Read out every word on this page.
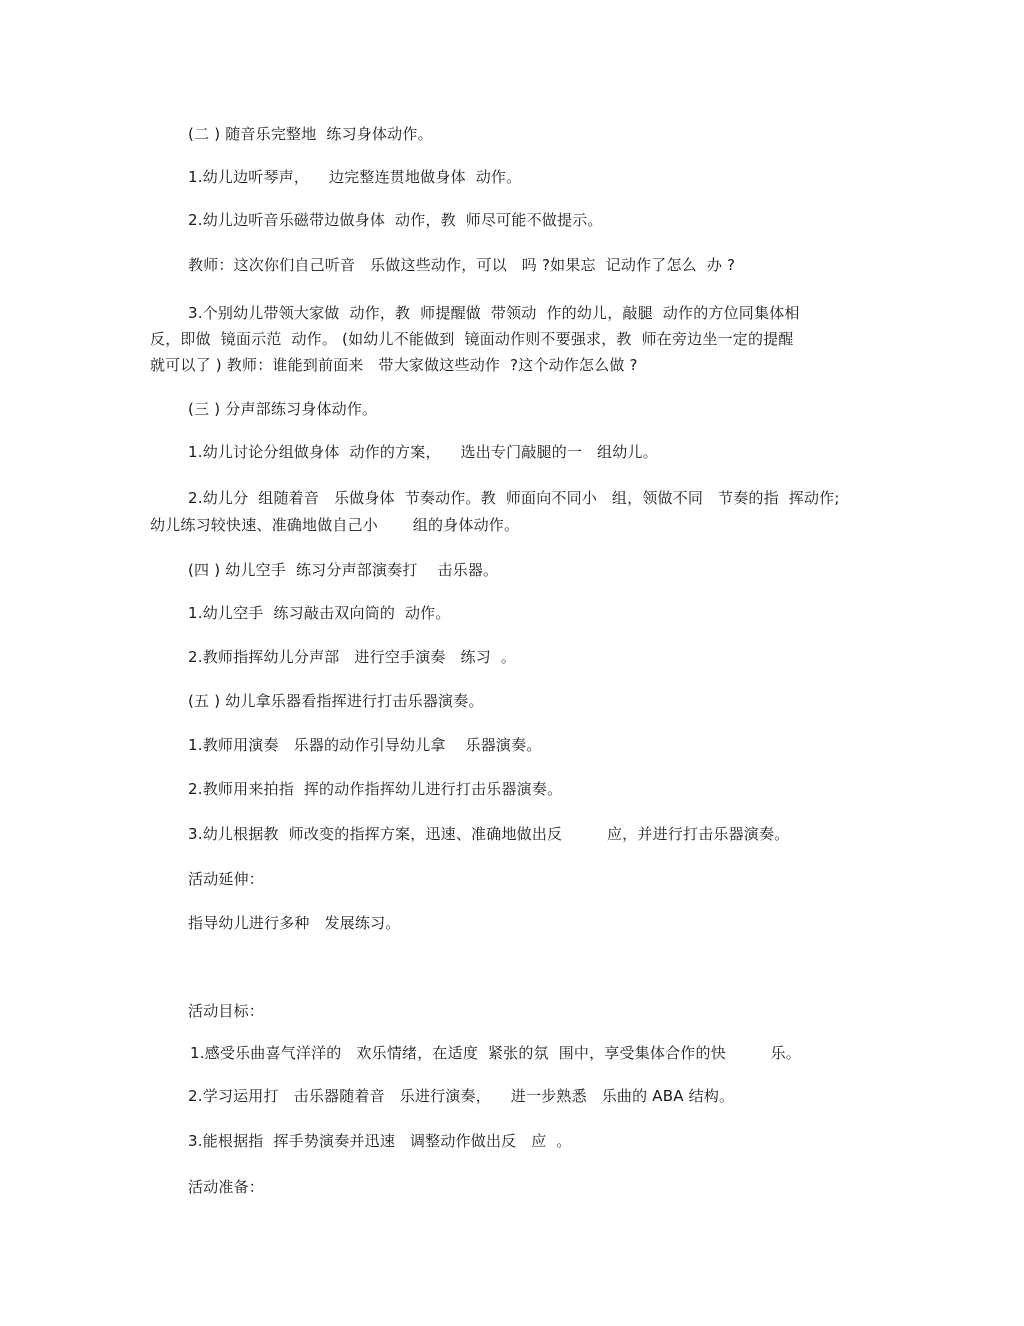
(二 ) 随音乐完整地  练习身体动作。
1.幼儿边听琴声，    边完整连贯地做身体  动作。
2.幼儿边听音乐磁带边做身体  动作，教  师尽可能不做提示。
教师：这次你们自己听音   乐做这些动作，可以   吗 ?如果忘  记动作了怎么  办 ?
3.个别幼儿带领大家做  动作，教  师提醒做  带领动  作的幼儿，敲腿  动作的方位同集体相
反，即做  镜面示范  动作。 (如幼儿不能做到  镜面动作则不要强求，教  师在旁边坐一定的提醒
就可以了 ) 教师：谁能到前面来   带大家做这些动作  ?这个动作怎么做 ?
(三 ) 分声部练习身体动作。
1.幼儿讨论分组做身体  动作的方案，    选出专门敲腿的一   组幼儿。
2.幼儿分  组随着音   乐做身体  节奏动作。教  师面向不同小   组，领做不同   节奏的指  挥动作;
幼儿练习较快速、准确地做自己小       组的身体动作。
(四 ) 幼儿空手  练习分声部演奏打    击乐器。
1.幼儿空手  练习敲击双向筒的  动作。
2.教师指挥幼儿分声部   进行空手演奏   练习  。
(五 ) 幼儿拿乐器看指挥进行打击乐器演奏。
1.教师用演奏   乐器的动作引导幼儿拿    乐器演奏。
2.教师用来拍指  挥的动作指挥幼儿进行打击乐器演奏。
3.幼儿根据教  师改变的指挥方案，迅速、准确地做出反         应，并进行打击乐器演奏。
活动延伸：
指导幼儿进行多种   发展练习。
活动目标：
1.感受乐曲喜气洋洋的   欢乐情绪，在适度  紧张的氛  围中，享受集体合作的快         乐。
2.学习运用打   击乐器随着音   乐进行演奏，    进一步熟悉   乐曲的 ABA 结构。
3.能根据指  挥手势演奏并迅速   调整动作做出反   应  。
活动准备：
